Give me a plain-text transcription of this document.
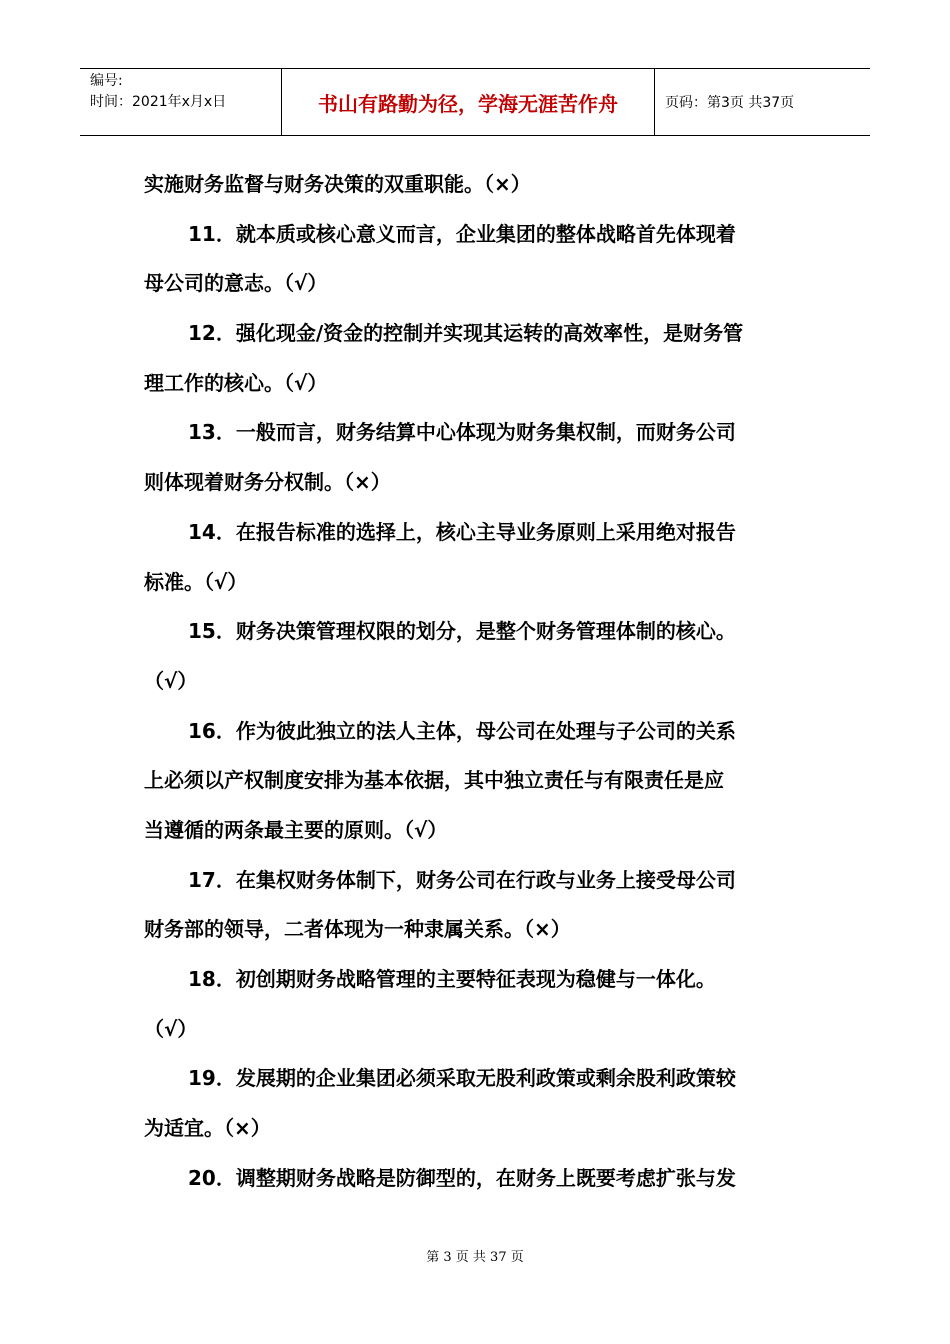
编号:
时间：2021年x月x日	书山有路勤为径，学海无涯苦作舟	页码：第3页 共37页
实施财务监督与财务决策的双重职能。（×）
11．就本质或核心意义而言，企业集团的整体战略首先体现着
母公司的意志。（√）
12．强化现金/资金的控制并实现其运转的高效率性，是财务管
理工作的核心。（√）
13．一般而言，财务结算中心体现为财务集权制，而财务公司
则体现着财务分权制。（×）
14．在报告标准的选择上，核心主导业务原则上采用绝对报告
标准。（√）
15．财务决策管理权限的划分，是整个财务管理体制的核心。
（√）
16．作为彼此独立的法人主体，母公司在处理与子公司的关系
上必须以产权制度安排为基本依据，其中独立责任与有限责任是应
当遵循的两条最主要的原则。（√）
17．在集权财务体制下，财务公司在行政与业务上接受母公司
财务部的领导，二者体现为一种隶属关系。（×）
18．初创期财务战略管理的主要特征表现为稳健与一体化。
（√）
19．发展期的企业集团必须采取无股利政策或剩余股利政策较
为适宜。（×）
20．调整期财务战略是防御型的，在财务上既要考虑扩张与发
第 3 页 共 37 页
